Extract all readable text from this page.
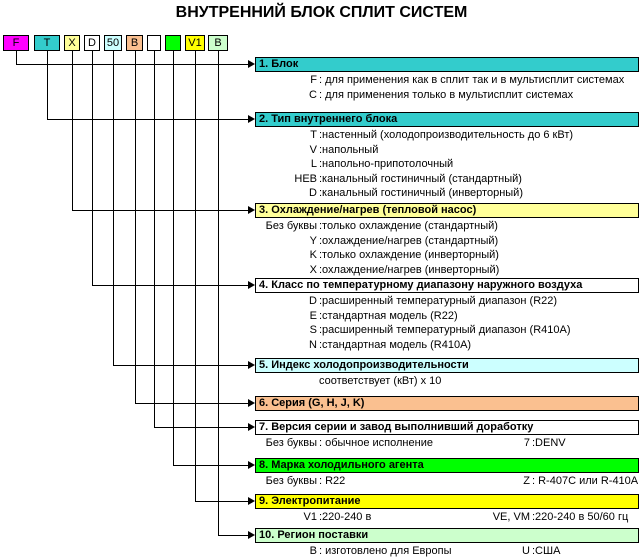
ВНУТРЕННИЙ БЛОК СПЛИТ СИСТЕМ
F	T	X	D 50	B	V1	B
1. Блок
F : для применения как в сплит так и в мультисплит системах
C : для применения только в мультисплит системах
2. Тип внутреннего блока
T :настенный (холодопроизводительность до 6 кВт)
V :напольный
L :напольно-припотолочный
HEB :канальный гостиничный (стандартный)
D :канальный гостиничный (инверторный)
3. Охлаждение/нагрев (тепловой насос)
Без буквы :только охлаждение (стандартный)
Y :охлаждение/нагрев (стандартный)
K :только охлаждение (инверторный)
X :охлаждение/нагрев (инверторный)
4. Класс по температурному диапазону наружного воздуха
D :расширенный температурный диапазон (R22)
E :стандартная модель (R22)
S :расширенный температурный диапазон (R410A)
N :стандартная модель (R410A)
5. Индекс холодопроизводительности
соответствует (кВт) х 10
6. Серия (G, H, J, K)
7. Версия серии и завод выполнивший доработку
Без буквы : обычное исполнение	7 :DENV
8. Марка холодильного агента
Без буквы : R22	Z : R-407C или R-410A
9. Электропитание
V1 :220-240 в	VE, VM :220-240 в 50/60 гц
10. Регион поставки
B : изготовлено для Европы	U :США
